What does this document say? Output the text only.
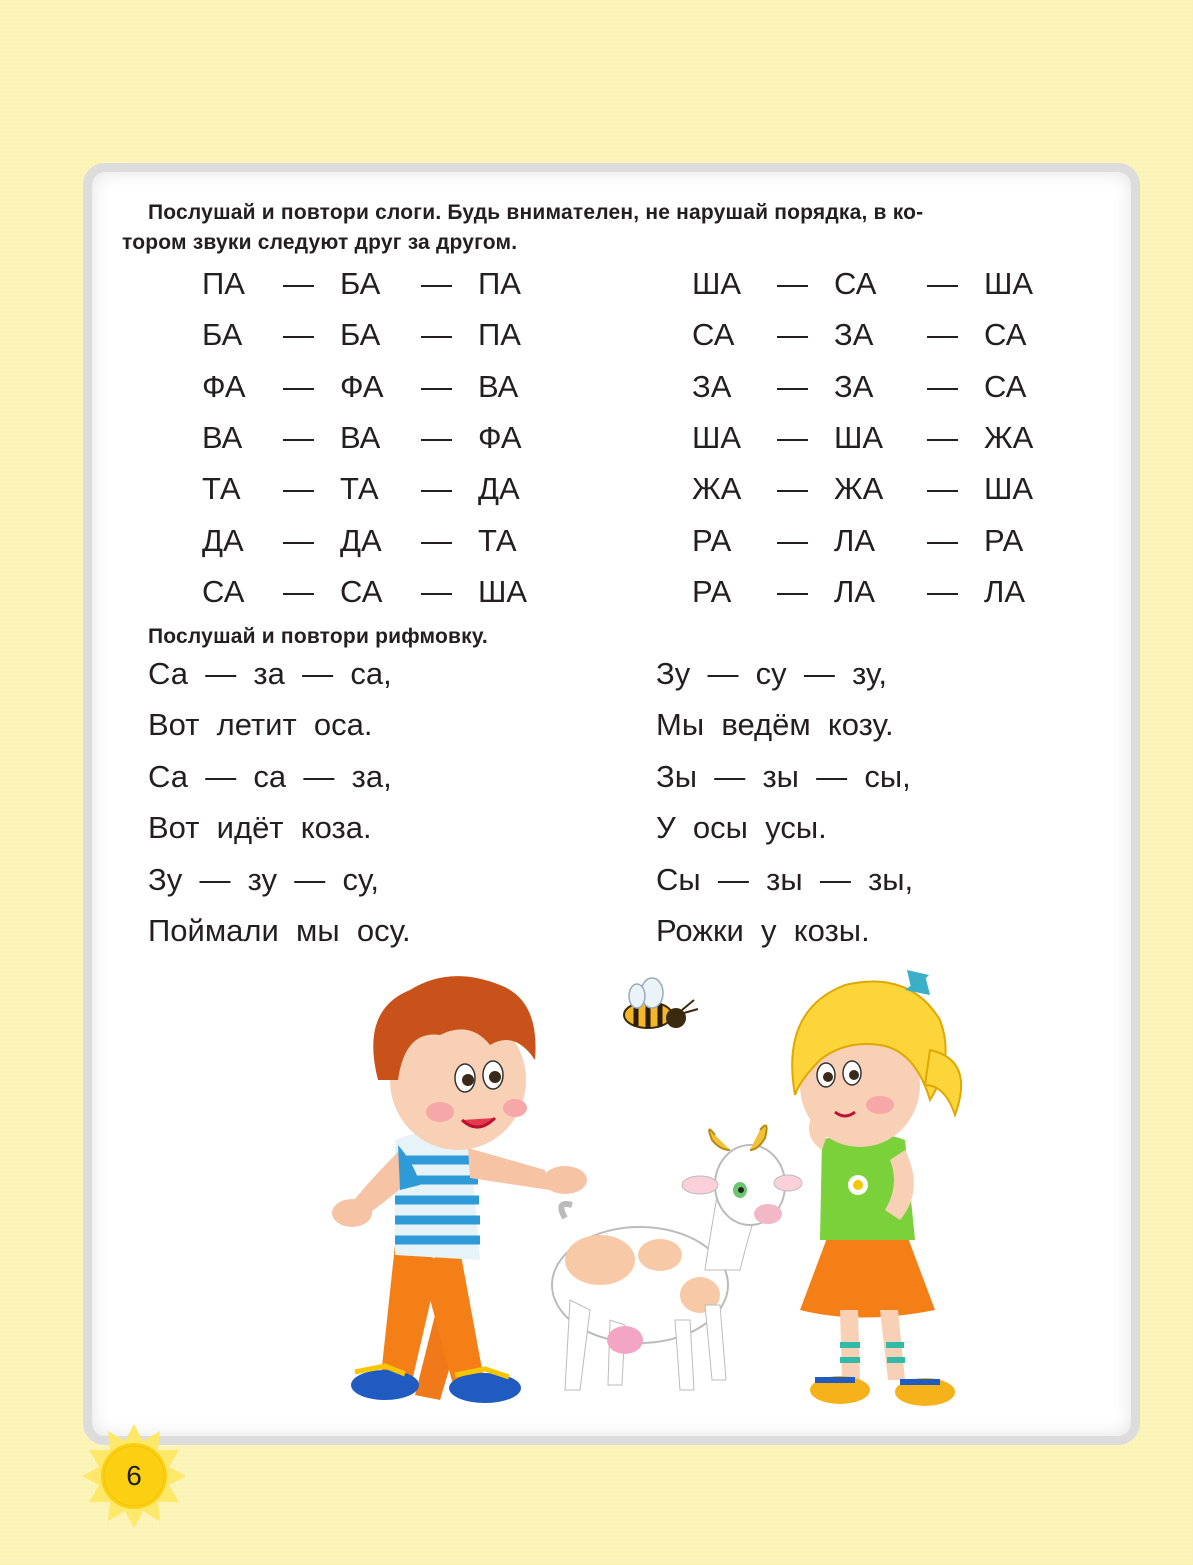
Послушай и повтори слоги. Будь внимателен, не нарушай порядка, в ко-
тором звуки следуют друг за другом.
ПА — БА — ПА
БА — БА — ПА
ФА — ФА — ВА
ВА — ВА — ФА
ТА — ТА — ДА
ДА — ДА — ТА
СА — СА — ША
ША — СА — ША
СА — ЗА — СА
ЗА — ЗА — СА
ША — ША — ЖА
ЖА — ЖА — ША
РА — ЛА — РА
РА — ЛА — ЛА
Послушай и повтори рифмовку.
Са  —  за  —  са,
Вот  летит  оса.
Са  —  са  —  за,
Вот  идёт  коза.
Зу  —  зу  —  су,
Поймали  мы  осу.
Зу  —  су  —  зу,
Мы  ведём  козу.
Зы  —  зы  —  сы,
У  осы  усы.
Сы  —  зы  —  зы,
Рожки  у  козы.
6
